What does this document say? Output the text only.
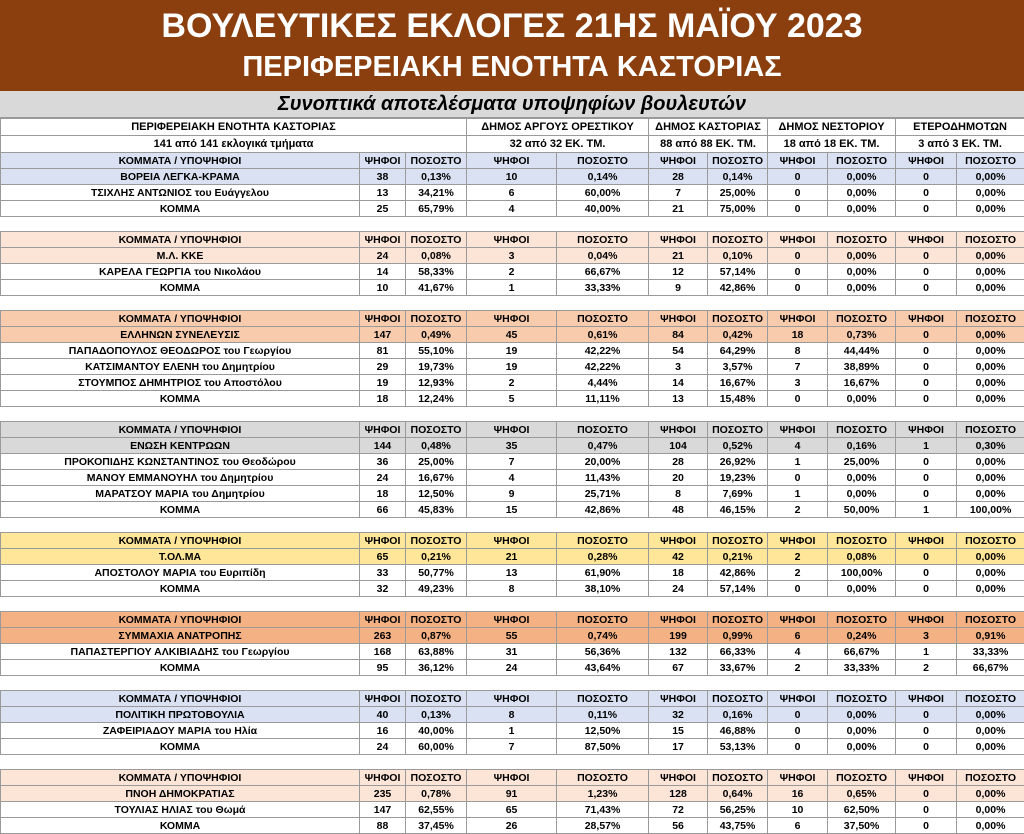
ΒΟΥΛΕΥΤΙΚΕΣ ΕΚΛΟΓΕΣ 21ΗΣ ΜΑΪΟΥ 2023
ΠΕΡΙΦΕΡΕΙΑΚΗ ΕΝΟΤΗΤΑ ΚΑΣΤΟΡΙΑΣ
Συνοπτικά αποτελέσματα υποψηφίων βουλευτών
ΠΕΡΙΦΕΡΕΙΑΚΗ ΕΝΟΤΗΤΑ ΚΑΣΤΟΡΙΑΣ			ΔΗΜΟΣ ΑΡΓΟΥΣ ΟΡΕΣΤΙΚΟΥ		ΔΗΜΟΣ ΚΑΣΤΟΡΙΑΣ		ΔΗΜΟΣ ΝΕΣΤΟΡΙΟΥ		ΕΤΕΡΟΔΗΜΟΤΩΝ	
141 από 141 εκλογικά τμήματα			32 από 32 ΕΚ. ΤΜ.		88 από 88 ΕΚ. ΤΜ.		18 από 18 ΕΚ. ΤΜ.		3 από 3 ΕΚ. ΤΜ.	
ΚΟΜΜΑΤΑ / ΥΠΟΨΗΦΙΟΙ	ΨΗΦΟΙ	ΠΟΣΟΣΤΟ	ΨΗΦΟΙ	ΠΟΣΟΣΤΟ	ΨΗΦΟΙ	ΠΟΣΟΣΤΟ	ΨΗΦΟΙ	ΠΟΣΟΣΤΟ	ΨΗΦΟΙ	ΠΟΣΟΣΤΟ
ΒΟΡΕΙΑ ΛΕΓΚΑ-ΚΡΑΜΑ	38	0,13%	10	0,14%	28	0,14%	0	0,00%	0	0,00%
ΤΣΙΧΛΗΣ ΑΝΤΩΝΙΟΣ του Ευάγγελου	13	34,21%	6	60,00%	7	25,00%	0	0,00%	0	0,00%
ΚΟΜΜΑ	25	65,79%	4	40,00%	21	75,00%	0	0,00%	0	0,00%

ΚΟΜΜΑΤΑ / ΥΠΟΨΗΦΙΟΙ	ΨΗΦΟΙ	ΠΟΣΟΣΤΟ	ΨΗΦΟΙ	ΠΟΣΟΣΤΟ	ΨΗΦΟΙ	ΠΟΣΟΣΤΟ	ΨΗΦΟΙ	ΠΟΣΟΣΤΟ	ΨΗΦΟΙ	ΠΟΣΟΣΤΟ
Μ.Λ. ΚΚΕ	24	0,08%	3	0,04%	21	0,10%	0	0,00%	0	0,00%
ΚΑΡΕΛΑ ΓΕΩΡΓΙΑ του Νικολάου	14	58,33%	2	66,67%	12	57,14%	0	0,00%	0	0,00%
ΚΟΜΜΑ	10	41,67%	1	33,33%	9	42,86%	0	0,00%	0	0,00%

ΚΟΜΜΑΤΑ / ΥΠΟΨΗΦΙΟΙ	ΨΗΦΟΙ	ΠΟΣΟΣΤΟ	ΨΗΦΟΙ	ΠΟΣΟΣΤΟ	ΨΗΦΟΙ	ΠΟΣΟΣΤΟ	ΨΗΦΟΙ	ΠΟΣΟΣΤΟ	ΨΗΦΟΙ	ΠΟΣΟΣΤΟ
ΕΛΛΗΝΩΝ ΣΥΝΕΛΕΥΣΙΣ	147	0,49%	45	0,61%	84	0,42%	18	0,73%	0	0,00%
ΠΑΠΑΔΟΠΟΥΛΟΣ ΘΕΟΔΩΡΟΣ του Γεωργίου	81	55,10%	19	42,22%	54	64,29%	8	44,44%	0	0,00%
ΚΑΤΣΙΜΑΝΤΟΥ ΕΛΕΝΗ του Δημητρίου	29	19,73%	19	42,22%	3	3,57%	7	38,89%	0	0,00%
ΣΤΟΥΜΠΟΣ ΔΗΜΗΤΡΙΟΣ του Αποστόλου	19	12,93%	2	4,44%	14	16,67%	3	16,67%	0	0,00%
ΚΟΜΜΑ	18	12,24%	5	11,11%	13	15,48%	0	0,00%	0	0,00%

ΚΟΜΜΑΤΑ / ΥΠΟΨΗΦΙΟΙ	ΨΗΦΟΙ	ΠΟΣΟΣΤΟ	ΨΗΦΟΙ	ΠΟΣΟΣΤΟ	ΨΗΦΟΙ	ΠΟΣΟΣΤΟ	ΨΗΦΟΙ	ΠΟΣΟΣΤΟ	ΨΗΦΟΙ	ΠΟΣΟΣΤΟ
ΕΝΩΣΗ ΚΕΝΤΡΩΩΝ	144	0,48%	35	0,47%	104	0,52%	4	0,16%	1	0,30%
ΠΡΟΚΟΠΙΔΗΣ ΚΩΝΣΤΑΝΤΙΝΟΣ του Θεοδώρου	36	25,00%	7	20,00%	28	26,92%	1	25,00%	0	0,00%
ΜΑΝΟΥ ΕΜΜΑΝΟΥΗΛ του Δημητρίου	24	16,67%	4	11,43%	20	19,23%	0	0,00%	0	0,00%
ΜΑΡΑΤΣΟΥ ΜΑΡΙΑ του Δημητρίου	18	12,50%	9	25,71%	8	7,69%	1	0,00%	0	0,00%
ΚΟΜΜΑ	66	45,83%	15	42,86%	48	46,15%	2	50,00%	1	100,00%

ΚΟΜΜΑΤΑ / ΥΠΟΨΗΦΙΟΙ	ΨΗΦΟΙ	ΠΟΣΟΣΤΟ	ΨΗΦΟΙ	ΠΟΣΟΣΤΟ	ΨΗΦΟΙ	ΠΟΣΟΣΤΟ	ΨΗΦΟΙ	ΠΟΣΟΣΤΟ	ΨΗΦΟΙ	ΠΟΣΟΣΤΟ
Τ.ΟΛ.ΜΑ	65	0,21%	21	0,28%	42	0,21%	2	0,08%	0	0,00%
ΑΠΟΣΤΟΛΟΥ ΜΑΡΙΑ του Ευριπίδη	33	50,77%	13	61,90%	18	42,86%	2	100,00%	0	0,00%
ΚΟΜΜΑ	32	49,23%	8	38,10%	24	57,14%	0	0,00%	0	0,00%

ΚΟΜΜΑΤΑ / ΥΠΟΨΗΦΙΟΙ	ΨΗΦΟΙ	ΠΟΣΟΣΤΟ	ΨΗΦΟΙ	ΠΟΣΟΣΤΟ	ΨΗΦΟΙ	ΠΟΣΟΣΤΟ	ΨΗΦΟΙ	ΠΟΣΟΣΤΟ	ΨΗΦΟΙ	ΠΟΣΟΣΤΟ
ΣΥΜΜΑΧΙΑ ΑΝΑΤΡΟΠΗΣ	263	0,87%	55	0,74%	199	0,99%	6	0,24%	3	0,91%
ΠΑΠΑΣΤΕΡΓΙΟΥ ΑΛΚΙΒΙΑΔΗΣ του Γεωργίου	168	63,88%	31	56,36%	132	66,33%	4	66,67%	1	33,33%
ΚΟΜΜΑ	95	36,12%	24	43,64%	67	33,67%	2	33,33%	2	66,67%

ΚΟΜΜΑΤΑ / ΥΠΟΨΗΦΙΟΙ	ΨΗΦΟΙ	ΠΟΣΟΣΤΟ	ΨΗΦΟΙ	ΠΟΣΟΣΤΟ	ΨΗΦΟΙ	ΠΟΣΟΣΤΟ	ΨΗΦΟΙ	ΠΟΣΟΣΤΟ	ΨΗΦΟΙ	ΠΟΣΟΣΤΟ
ΠΟΛΙΤΙΚΗ ΠΡΩΤΟΒΟΥΛΙΑ	40	0,13%	8	0,11%	32	0,16%	0	0,00%	0	0,00%
ΖΑΦΕΙΡΙΑΔΟΥ ΜΑΡΙΑ του Ηλία	16	40,00%	1	12,50%	15	46,88%	0	0,00%	0	0,00%
ΚΟΜΜΑ	24	60,00%	7	87,50%	17	53,13%	0	0,00%	0	0,00%

ΚΟΜΜΑΤΑ / ΥΠΟΨΗΦΙΟΙ	ΨΗΦΟΙ	ΠΟΣΟΣΤΟ	ΨΗΦΟΙ	ΠΟΣΟΣΤΟ	ΨΗΦΟΙ	ΠΟΣΟΣΤΟ	ΨΗΦΟΙ	ΠΟΣΟΣΤΟ	ΨΗΦΟΙ	ΠΟΣΟΣΤΟ
ΠΝΟΗ ΔΗΜΟΚΡΑΤΙΑΣ	235	0,78%	91	1,23%	128	0,64%	16	0,65%	0	0,00%
ΤΟΥΛΙΑΣ ΗΛΙΑΣ του Θωμά	147	62,55%	65	71,43%	72	56,25%	10	62,50%	0	0,00%
ΚΟΜΜΑ	88	37,45%	26	28,57%	56	43,75%	6	37,50%	0	0,00%
